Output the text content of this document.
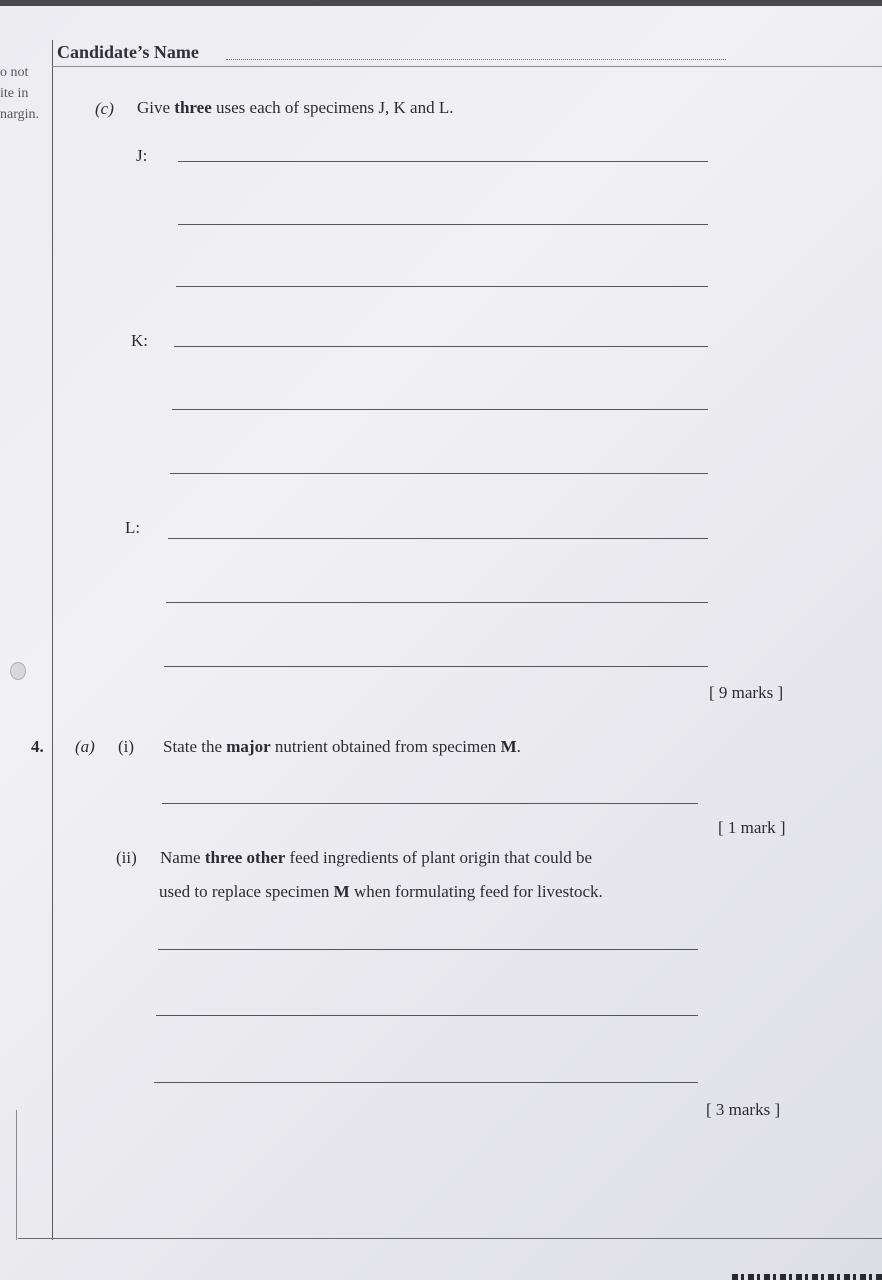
o not
ite in
nargin.
Candidate’s Name
(c) Give three uses each of specimens J, K and L.
J:
K:
L:
[ 9 marks ]
4. (a) (i) State the major nutrient obtained from specimen M.
[ 1 mark ]
(ii) Name three other feed ingredients of plant origin that could be
used to replace specimen M when formulating feed for livestock.
[ 3 marks ]
